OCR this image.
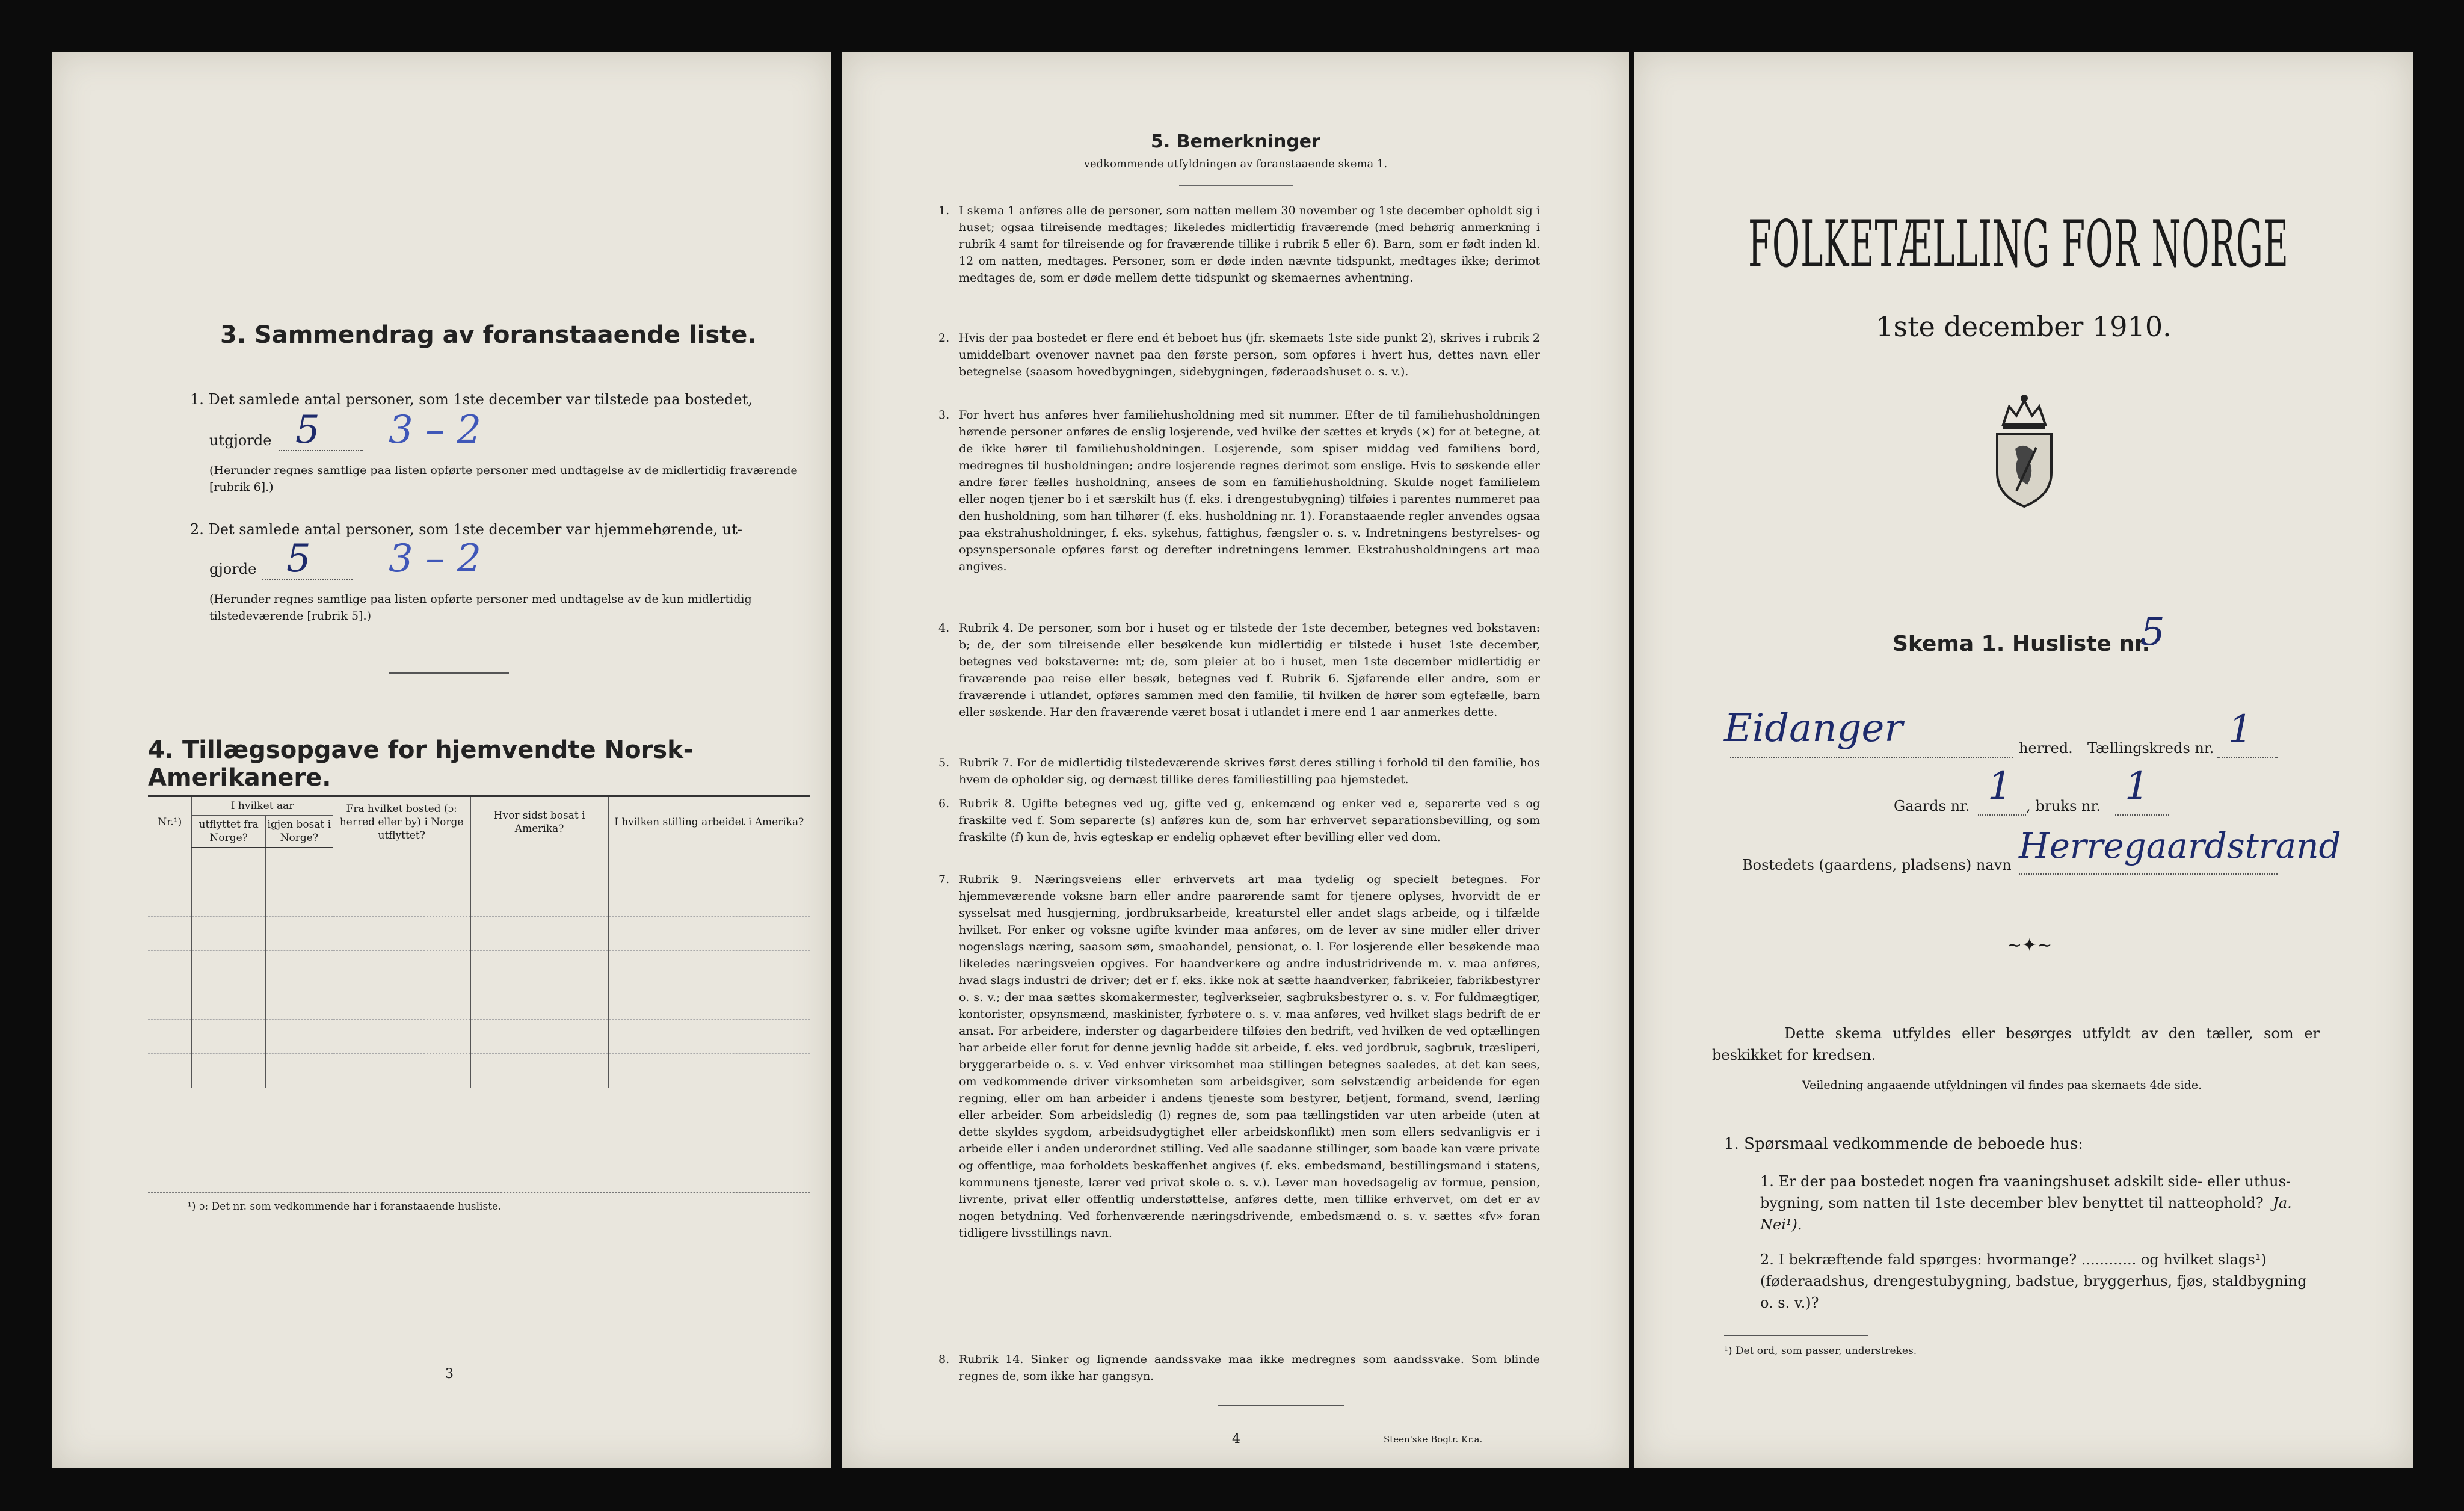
3. Sammendrag av foranstaaende liste.
1. Det samlede antal personer, som 1ste december var tilstede paa bostedet,
utgjorde 5 3 – 2
(Herunder regnes samtlige paa listen opførte personer med undtagelse av de midlertidig fraværende [rubrik 6].)
2. Det samlede antal personer, som 1ste december var hjemmehørende, ut-
gjorde 5 3 – 2
(Herunder regnes samtlige paa listen opførte personer med undtagelse av de kun midlertidig tilstedeværende [rubrik 5].)
4. Tillægsopgave for hjemvendte Norsk-Amerikanere.
Nr.¹)	I hvilket aar		Fra hvilket bosted (ɔ: herred eller by) i Norge utflyttet?	Hvor sidst bosat i Amerika?	I hvilken stilling arbeidet i Amerika?
	utflyttet fra Norge?	igjen bosat i Norge?			

¹) ɔ: Det nr. som vedkommende har i foranstaaende husliste.
3
5. Bemerkninger
vedkommende utfyldningen av foranstaaende skema 1.
1. I skema 1 anføres alle de personer, som natten mellem 30 november og 1ste december opholdt sig i huset; ogsaa tilreisende medtages; likeledes midlertidig fraværende (med behørig anmerkning i rubrik 4 samt for tilreisende og for fraværende tillike i rubrik 5 eller 6). Barn, som er født inden kl. 12 om natten, medtages. Personer, som er døde inden nævnte tidspunkt, medtages ikke; derimot medtages de, som er døde mellem dette tidspunkt og skemaernes avhentning.
2. Hvis der paa bostedet er flere end ét beboet hus (jfr. skemaets 1ste side punkt 2), skrives i rubrik 2 umiddelbart ovenover navnet paa den første person, som opføres i hvert hus, dettes navn eller betegnelse (saasom hovedbygningen, sidebygningen, føderaadshuset o. s. v.).
3. For hvert hus anføres hver familiehusholdning med sit nummer. Efter de til familiehusholdningen hørende personer anføres de enslig losjerende, ved hvilke der sættes et kryds (×) for at betegne, at de ikke hører til familiehusholdningen. Losjerende, som spiser middag ved familiens bord, medregnes til husholdningen; andre losjerende regnes derimot som enslige. Hvis to søskende eller andre fører fælles husholdning, ansees de som en familiehusholdning. Skulde noget familielem eller nogen tjener bo i et særskilt hus (f. eks. i drengestubygning) tilføies i parentes nummeret paa den husholdning, som han tilhører (f. eks. husholdning nr. 1). Foranstaaende regler anvendes ogsaa paa ekstrahusholdninger, f. eks. sykehus, fattighus, fængsler o. s. v. Indretningens bestyrelses- og opsynspersonale opføres først og derefter indretningens lemmer. Ekstrahusholdningens art maa angives.
4. Rubrik 4. De personer, som bor i huset og er tilstede der 1ste december, betegnes ved bokstaven: b; de, der som tilreisende eller besøkende kun midlertidig er tilstede i huset 1ste december, betegnes ved bokstaverne: mt; de, som pleier at bo i huset, men 1ste december midlertidig er fraværende paa reise eller besøk, betegnes ved f. Rubrik 6. Sjøfarende eller andre, som er fraværende i utlandet, opføres sammen med den familie, til hvilken de hører som egtefælle, barn eller søskende. Har den fraværende været bosat i utlandet i mere end 1 aar anmerkes dette.
5. Rubrik 7. For de midlertidig tilstedeværende skrives først deres stilling i forhold til den familie, hos hvem de opholder sig, og dernæst tillike deres familiestilling paa hjemstedet.
6. Rubrik 8. Ugifte betegnes ved ug, gifte ved g, enkemænd og enker ved e, separerte ved s og fraskilte ved f. Som separerte (s) anføres kun de, som har erhvervet separationsbevilling, og som fraskilte (f) kun de, hvis egteskap er endelig ophævet efter bevilling eller ved dom.
7. Rubrik 9. Næringsveiens eller erhvervets art maa tydelig og specielt betegnes. For hjemmeværende voksne barn eller andre paarørende samt for tjenere oplyses, hvorvidt de er sysselsat med husgjerning, jordbruksarbeide, kreaturstel eller andet slags arbeide, og i tilfælde hvilket. For enker og voksne ugifte kvinder maa anføres, om de lever av sine midler eller driver nogenslags næring, saasom søm, smaahandel, pensionat, o. l. For losjerende eller besøkende maa likeledes næringsveien opgives. For haandverkere og andre industridrivende m. v. maa anføres, hvad slags industri de driver; det er f. eks. ikke nok at sætte haandverker, fabrikeier, fabrikbestyrer o. s. v.; der maa sættes skomakermester, teglverkseier, sagbruksbestyrer o. s. v. For fuldmægtiger, kontorister, opsynsmænd, maskinister, fyrbøtere o. s. v. maa anføres, ved hvilket slags bedrift de er ansat. For arbeidere, inderster og dagarbeidere tilføies den bedrift, ved hvilken de ved optællingen har arbeide eller forut for denne jevnlig hadde sit arbeide, f. eks. ved jordbruk, sagbruk, træsliperi, bryggerarbeide o. s. v. Ved enhver virksomhet maa stillingen betegnes saaledes, at det kan sees, om vedkommende driver virksomheten som arbeidsgiver, som selvstændig arbeidende for egen regning, eller om han arbeider i andens tjeneste som bestyrer, betjent, formand, svend, lærling eller arbeider. Som arbeidsledig (l) regnes de, som paa tællingstiden var uten arbeide (uten at dette skyldes sygdom, arbeidsudygtighet eller arbeidskonflikt) men som ellers sedvanligvis er i arbeide eller i anden underordnet stilling. Ved alle saadanne stillinger, som baade kan være private og offentlige, maa forholdets beskaffenhet angives (f. eks. embedsmand, bestillingsmand i statens, kommunens tjeneste, lærer ved privat skole o. s. v.). Lever man hovedsagelig av formue, pension, livrente, privat eller offentlig understøttelse, anføres dette, men tillike erhvervet, om det er av nogen betydning. Ved forhenværende næringsdrivende, embedsmænd o. s. v. sættes «fv» foran tidligere livsstillings navn.
8. Rubrik 14. Sinker og lignende aandssvake maa ikke medregnes som aandssvake. Som blinde regnes de, som ikke har gangsyn.
4	Steen'ske Bogtr. Kr.a.
FOLKETÆLLING FOR NORGE
1ste december 1910.
Skema 1. Husliste nr.
5
Eidanger	herred. Tællingskreds nr. 1
Gaards nr. 1 , bruks nr. 1
Bostedets (gaardens, pladsens) navn Herregaardstrand
∼✦∼
Dette skema utfyldes eller besørges utfyldt av den tæller, som er beskikket for kredsen.
Veiledning angaaende utfyldningen vil findes paa skemaets 4de side.
1. Spørsmaal vedkommende de beboede hus:
1. Er der paa bostedet nogen fra vaaningshuset adskilt side- eller uthus-bygning, som natten til 1ste december blev benyttet til natteophold? Ja. Nei¹).
2. I bekræftende fald spørges: hvormange? ............ og hvilket slags¹) (føderaadshus, drengestubygning, badstue, bryggerhus, fjøs, staldbygning o. s. v.)?
¹) Det ord, som passer, understrekes.
